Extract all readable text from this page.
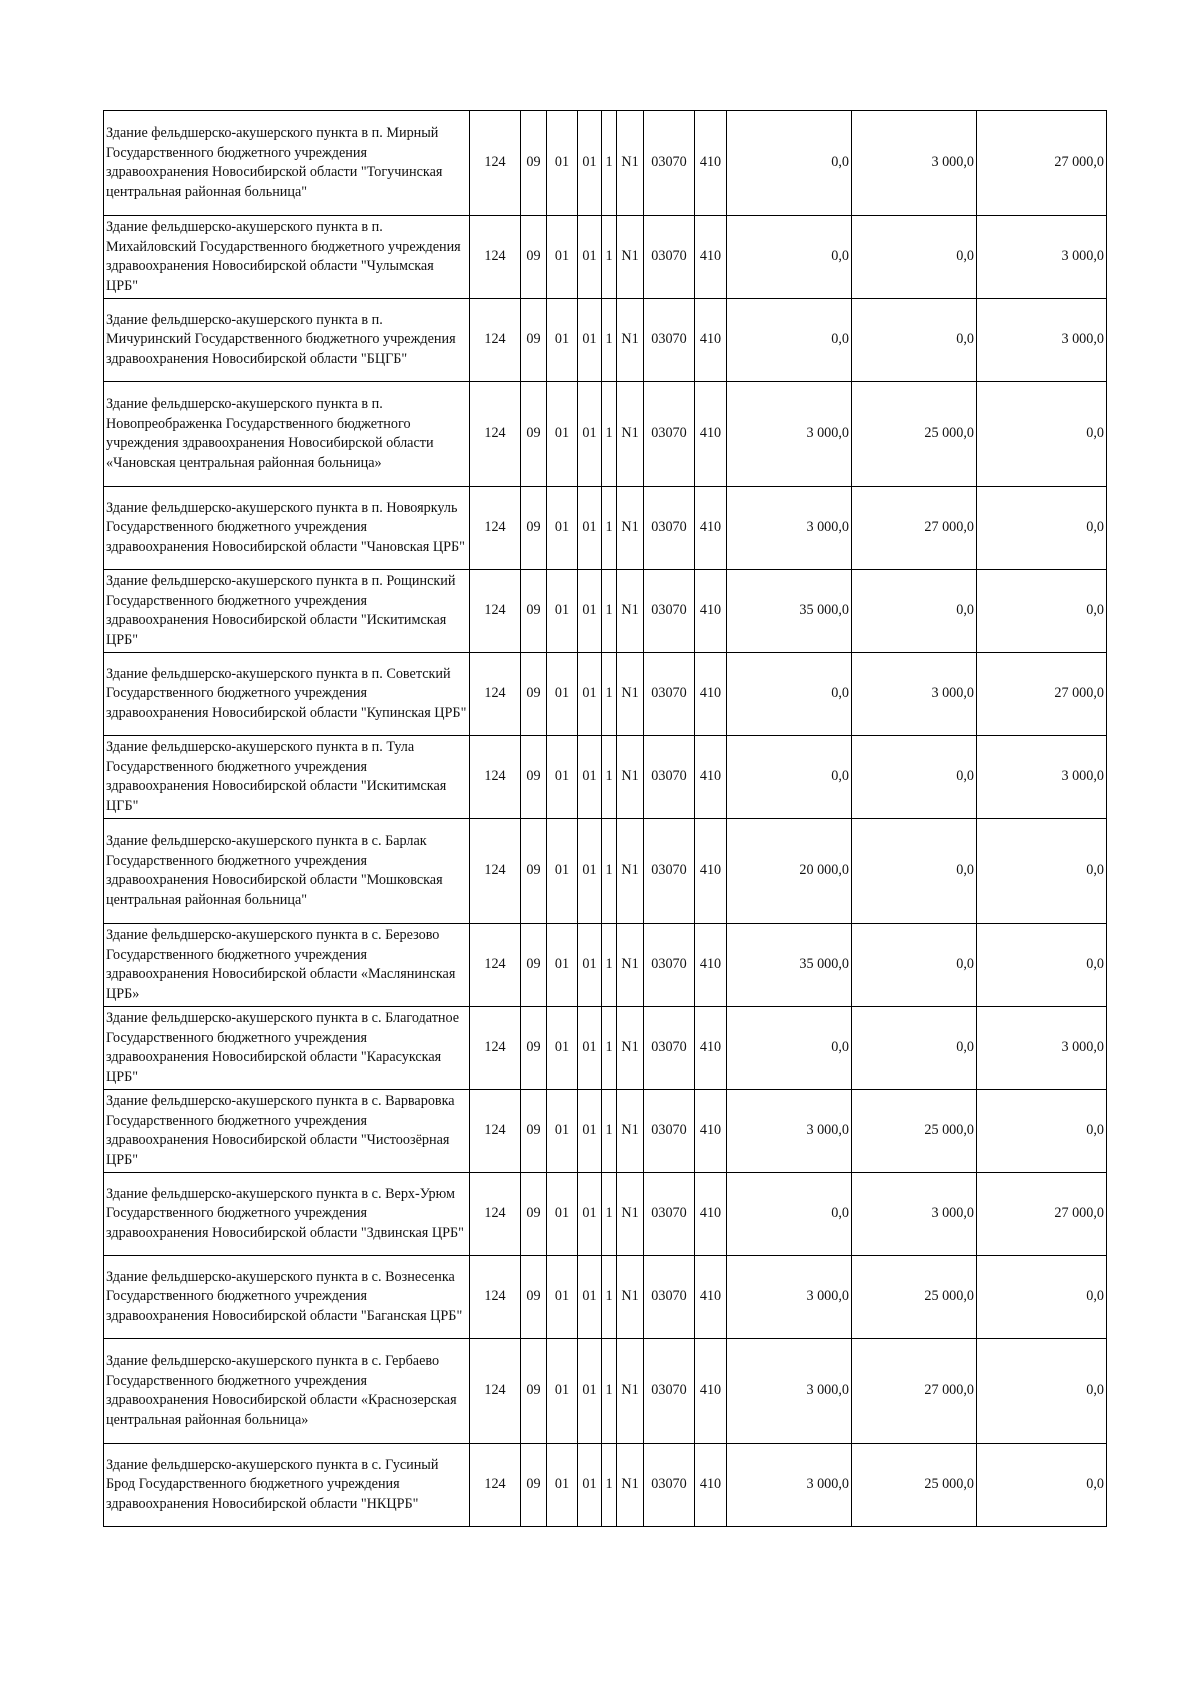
Здание фельдшерско-акушерского пункта в п. Мирный Государственного бюджетного учреждения здравоохранения Новосибирской области "Тогучинская центральная районная больница"	124	09	01	01	1	N1	03070	410	0,0	3 000,0	27 000,0
Здание фельдшерско-акушерского пункта в п. Михайловский Государственного бюджетного учреждения здравоохранения Новосибирской области "Чулымская ЦРБ"	124	09	01	01	1	N1	03070	410	0,0	0,0	3 000,0
Здание фельдшерско-акушерского пункта в п. Мичуринский Государственного бюджетного учреждения здравоохранения Новосибирской области "БЦГБ"	124	09	01	01	1	N1	03070	410	0,0	0,0	3 000,0
Здание фельдшерско-акушерского пункта в п. Новопреображенка Государственного бюджетного учреждения здравоохранения Новосибирской области «Чановская центральная районная больница»	124	09	01	01	1	N1	03070	410	3 000,0	25 000,0	0,0
Здание фельдшерско-акушерского пункта в п. Новояркуль Государственного бюджетного учреждения здравоохранения Новосибирской области "Чановская ЦРБ"	124	09	01	01	1	N1	03070	410	3 000,0	27 000,0	0,0
Здание фельдшерско-акушерского пункта в п. Рощинский Государственного бюджетного учреждения здравоохранения Новосибирской области "Искитимская ЦРБ"	124	09	01	01	1	N1	03070	410	35 000,0	0,0	0,0
Здание фельдшерско-акушерского пункта в п. Советский Государственного бюджетного учреждения здравоохранения Новосибирской области "Купинская ЦРБ"	124	09	01	01	1	N1	03070	410	0,0	3 000,0	27 000,0
Здание фельдшерско-акушерского пункта в п. Тула Государственного бюджетного учреждения здравоохранения Новосибирской области "Искитимская ЦГБ"	124	09	01	01	1	N1	03070	410	0,0	0,0	3 000,0
Здание фельдшерско-акушерского пункта в с. Барлак Государственного бюджетного учреждения здравоохранения Новосибирской области "Мошковская центральная районная больница"	124	09	01	01	1	N1	03070	410	20 000,0	0,0	0,0
Здание фельдшерско-акушерского пункта в с. Березово Государственного бюджетного учреждения здравоохранения Новосибирской области «Маслянинская ЦРБ»	124	09	01	01	1	N1	03070	410	35 000,0	0,0	0,0
Здание фельдшерско-акушерского пункта в с. Благодатное Государственного бюджетного учреждения здравоохранения Новосибирской области "Карасукская ЦРБ"	124	09	01	01	1	N1	03070	410	0,0	0,0	3 000,0
Здание фельдшерско-акушерского пункта в с. Варваровка Государственного бюджетного учреждения здравоохранения Новосибирской области "Чистоозёрная ЦРБ"	124	09	01	01	1	N1	03070	410	3 000,0	25 000,0	0,0
Здание фельдшерско-акушерского пункта в с. Верх-Урюм Государственного бюджетного учреждения здравоохранения Новосибирской области "Здвинская ЦРБ"	124	09	01	01	1	N1	03070	410	0,0	3 000,0	27 000,0
Здание фельдшерско-акушерского пункта в с. Вознесенка Государственного бюджетного учреждения здравоохранения Новосибирской области "Баганская ЦРБ"	124	09	01	01	1	N1	03070	410	3 000,0	25 000,0	0,0
Здание фельдшерско-акушерского пункта в с. Гербаево Государственного бюджетного учреждения здравоохранения Новосибирской области «Краснозерская центральная районная больница»	124	09	01	01	1	N1	03070	410	3 000,0	27 000,0	0,0
Здание фельдшерско-акушерского пункта в с. Гусиный Брод Государственного бюджетного учреждения здравоохранения Новосибирской области "НКЦРБ"	124	09	01	01	1	N1	03070	410	3 000,0	25 000,0	0,0
